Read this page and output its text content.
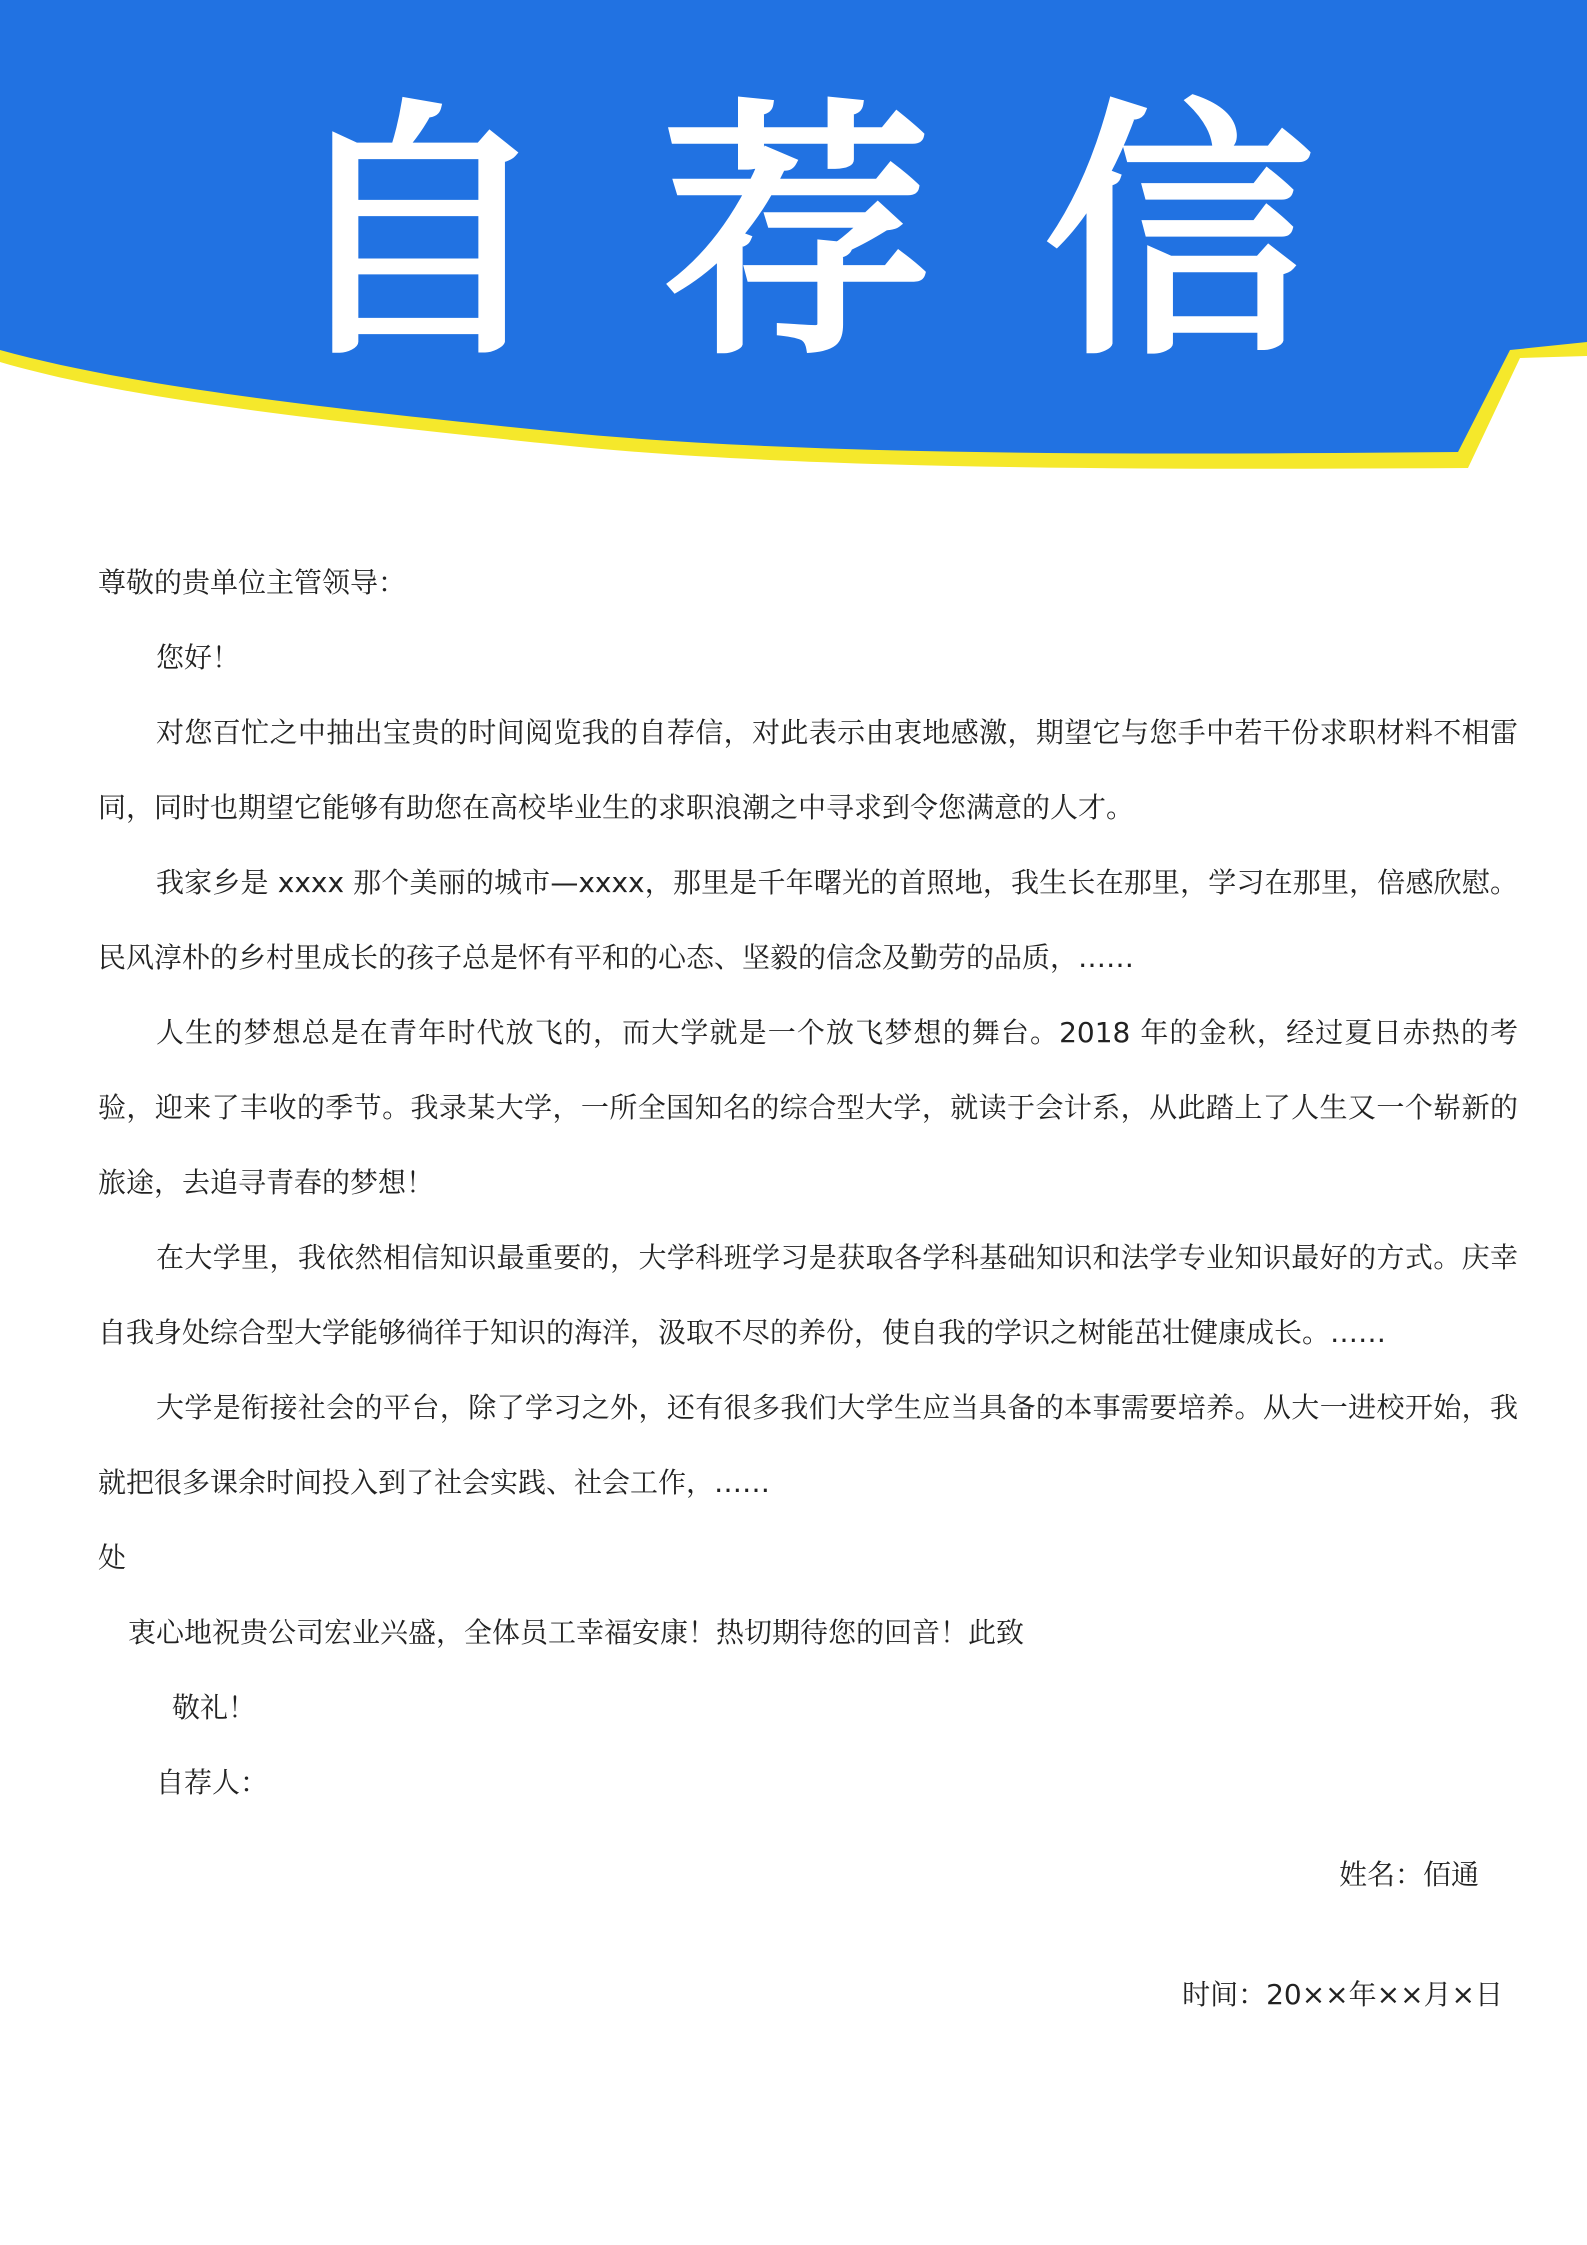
自 荐 信

尊敬的贵单位主管领导：

您好！

对您百忙之中抽出宝贵的时间阅览我的自荐信，对此表示由衷地感激，期望它与您手中若干份求职材料不相雷同，同时也期望它能够有助您在高校毕业生的求职浪潮之中寻求到令您满意的人才。

我家乡是 xxxx 那个美丽的城市—xxxx，那里是千年曙光的首照地，我生长在那里，学习在那里，倍感欣慰。民风淳朴的乡村里成长的孩子总是怀有平和的心态、坚毅的信念及勤劳的品质，……

人生的梦想总是在青年时代放飞的，而大学就是一个放飞梦想的舞台。2018 年的金秋，经过夏日赤热的考验，迎来了丰收的季节。我录某大学，一所全国知名的综合型大学，就读于会计系，从此踏上了人生又一个崭新的旅途，去追寻青春的梦想！

在大学里，我依然相信知识最重要的，大学科班学习是获取各学科基础知识和法学专业知识最好的方式。庆幸自我身处综合型大学能够徜徉于知识的海洋，汲取不尽的养份，使自我的学识之树能茁壮健康成长。……

大学是衔接社会的平台，除了学习之外，还有很多我们大学生应当具备的本事需要培养。从大一进校开始，我就把很多课余时间投入到了社会实践、社会工作，……

处

衷心地祝贵公司宏业兴盛，全体员工幸福安康！热切期待您的回音！此致

敬礼！

自荐人：

姓名：佰通
时间：20××年××月×日
